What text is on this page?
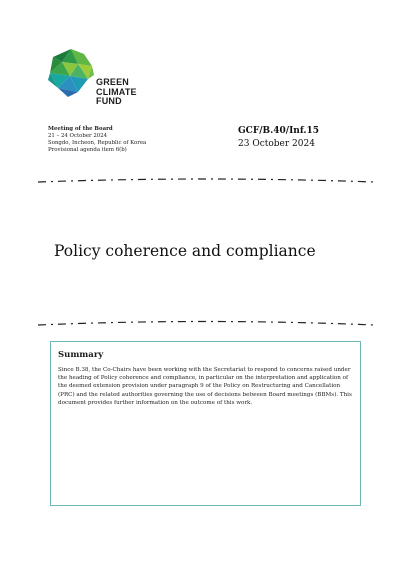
GREEN
CLIMATE
FUND
Meeting of the Board
21 – 24 October 2024
Songdo, Incheon, Republic of Korea
Provisional agenda item 6(b)
GCF/B.40/Inf.15
23 October 2024
Policy coherence and compliance
Summary
Since B.38, the Co-Chairs have been working with the Secretariat to respond to concerns raised under the heading of Policy coherence and compliance, in particular on the interpretation and application of the deemed extension provision under paragraph 9 of the Policy on Restructuring and Cancellation (PRC) and the related authorities governing the use of decisions between Board meetings (BBMs). This document provides further information on the outcome of this work.
